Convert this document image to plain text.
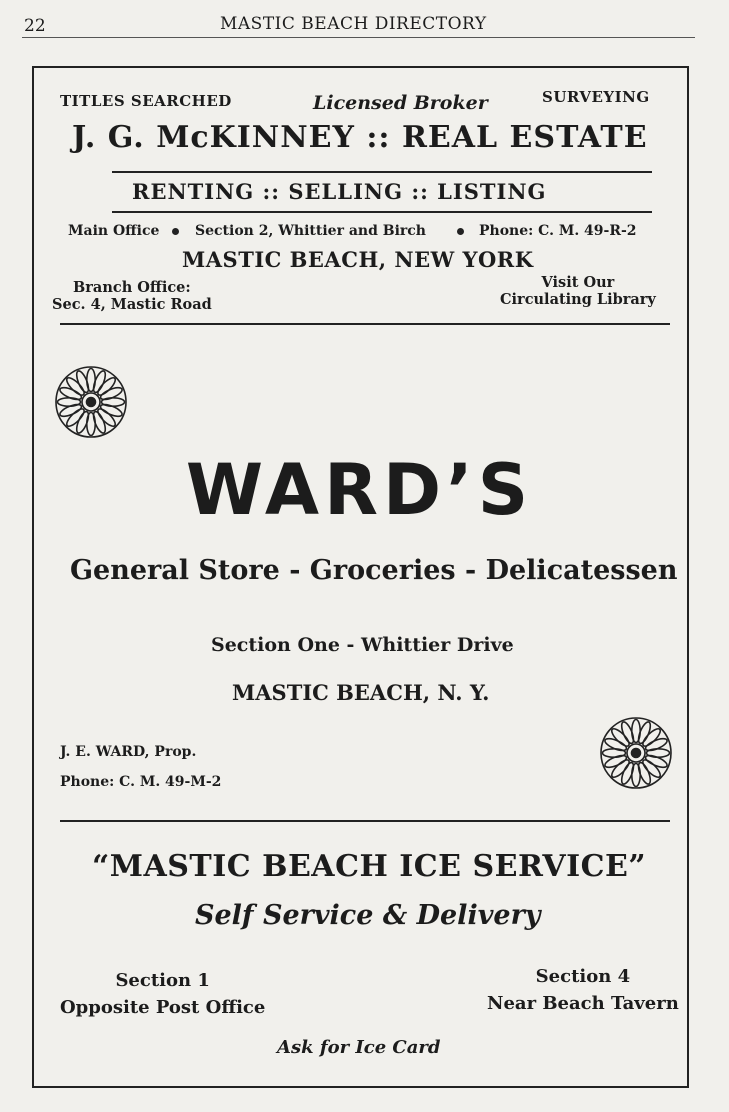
22	MASTIC BEACH DIRECTORY
TITLES SEARCHED	Licensed Broker	SURVEYING
J. G. McKINNEY :: REAL ESTATE
RENTING :: SELLING :: LISTING
Main Office	Section 2, Whittier and Birch	Phone: C. M. 49-R-2
MASTIC BEACH, NEW YORK
Branch Office:
Sec. 4, Mastic Road
Visit Our
Circulating Library
WARD’S
General Store - Groceries - Delicatessen
Section One - Whittier Drive
MASTIC BEACH, N. Y.
J. E. WARD, Prop.
Phone: C. M. 49-M-2
“MASTIC BEACH ICE SERVICE”
Self Service & Delivery
Section 1
Opposite Post Office
Section 4
Near Beach Tavern
Ask for Ice Card
